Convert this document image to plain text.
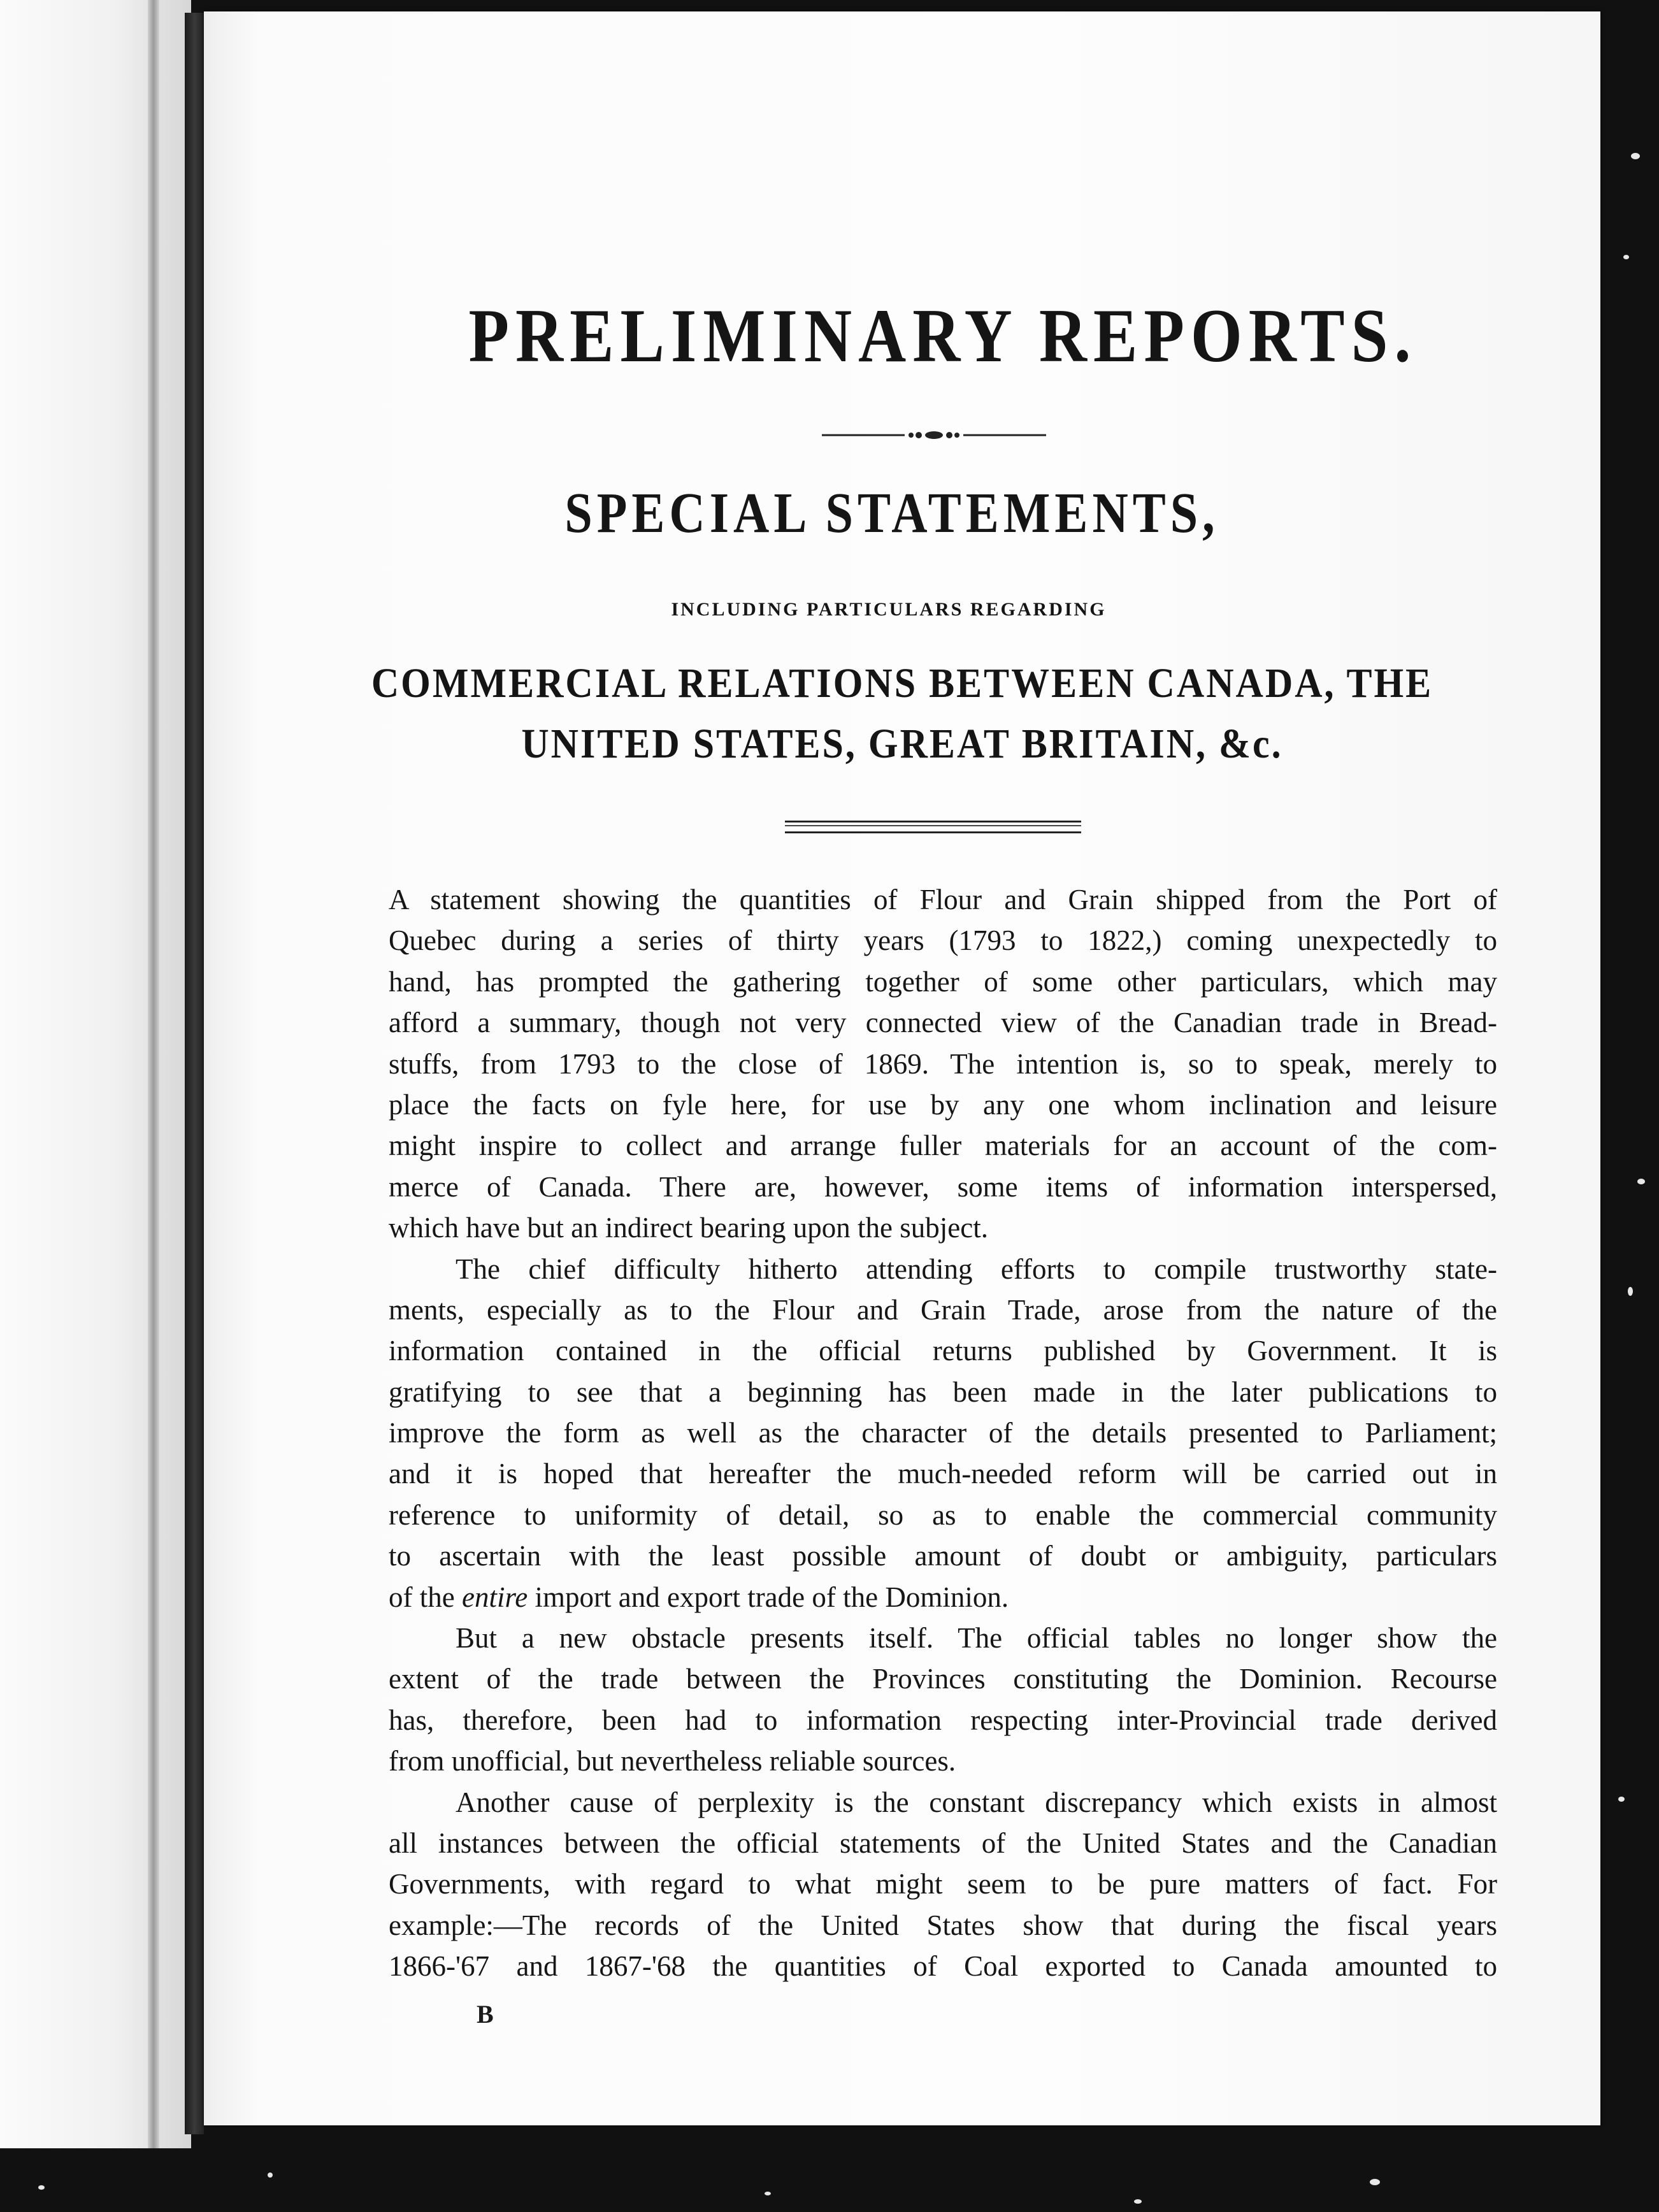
PRELIMINARY REPORTS.
SPECIAL STATEMENTS,
INCLUDING PARTICULARS REGARDING
COMMERCIAL RELATIONS BETWEEN CANADA, THE
UNITED STATES, GREAT BRITAIN, &c.
A statement showing the quantities of Flour and Grain shipped from the Port of
Quebec during a series of thirty years (1793 to 1822,) coming unexpectedly to
hand, has prompted the gathering together of some other particulars, which may
afford a summary, though not very connected view of the Canadian trade in Bread-
stuffs, from 1793 to the close of 1869. The intention is, so to speak, merely to
place the facts on fyle here, for use by any one whom inclination and leisure
might inspire to collect and arrange fuller materials for an account of the com-
merce of Canada. There are, however, some items of information interspersed,
which have but an indirect bearing upon the subject.
The chief difficulty hitherto attending efforts to compile trustworthy state-
ments, especially as to the Flour and Grain Trade, arose from the nature of the
information contained in the official returns published by Government. It is
gratifying to see that a beginning has been made in the later publications to
improve the form as well as the character of the details presented to Parliament;
and it is hoped that hereafter the much-needed reform will be carried out in
reference to uniformity of detail, so as to enable the commercial community
to ascertain with the least possible amount of doubt or ambiguity, particulars
of the entire import and export trade of the Dominion.
But a new obstacle presents itself. The official tables no longer show the
extent of the trade between the Provinces constituting the Dominion. Recourse
has, therefore, been had to information respecting inter-Provincial trade derived
from unofficial, but nevertheless reliable sources.
Another cause of perplexity is the constant discrepancy which exists in almost
all instances between the official statements of the United States and the Canadian
Governments, with regard to what might seem to be pure matters of fact. For
example:—The records of the United States show that during the fiscal years
1866-'67 and 1867-'68 the quantities of Coal exported to Canada amounted to
B
